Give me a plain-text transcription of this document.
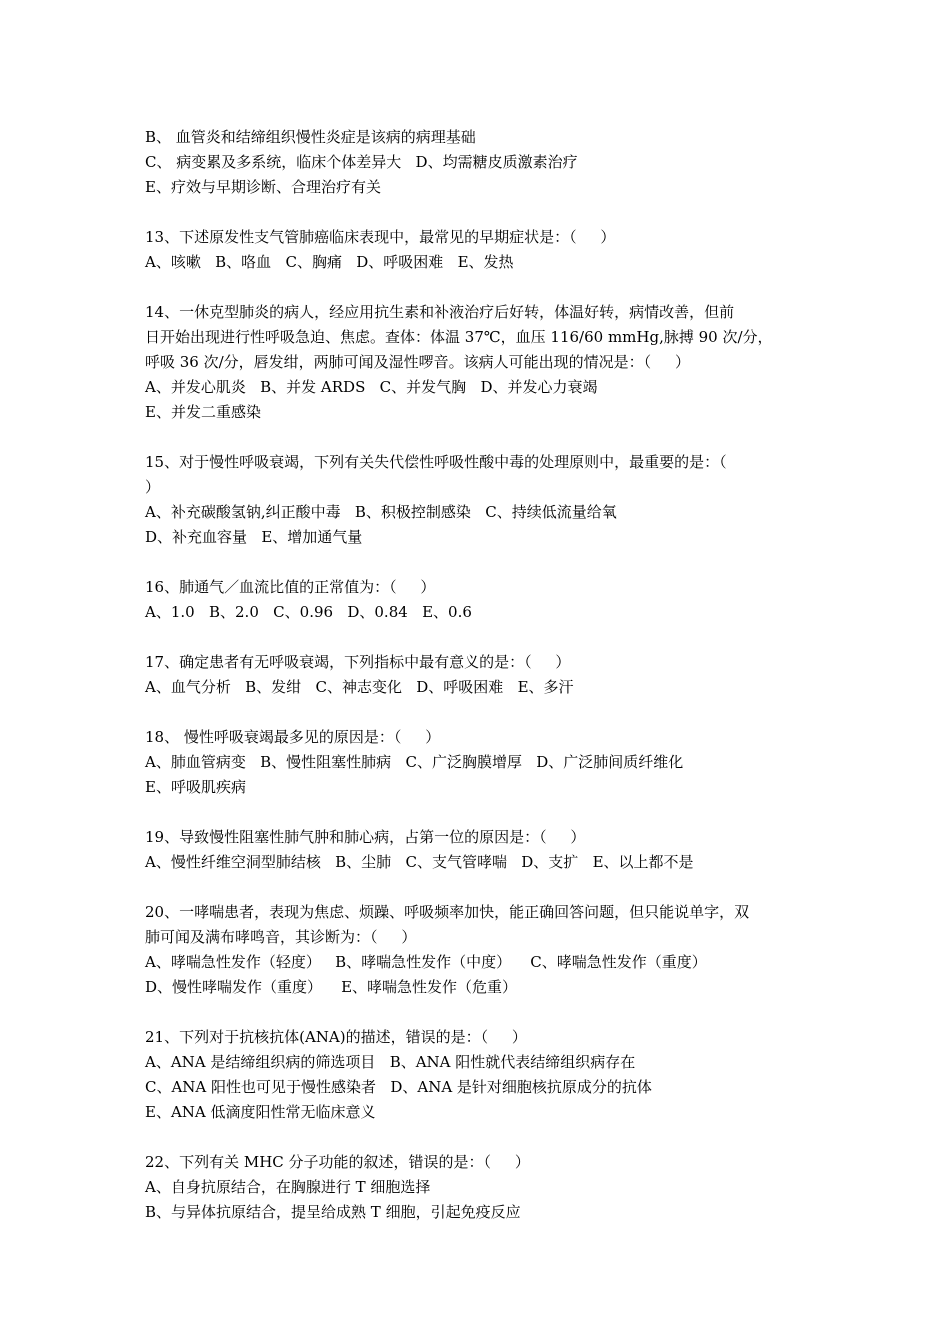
B、 血管炎和结缔组织慢性炎症是该病的病理基础
C、 病变累及多系统，临床个体差异大   D、均需糖皮质激素治疗
E、疗效与早期诊断、合理治疗有关
13、下述原发性支气管肺癌临床表现中，最常见的早期症状是：（     ）
A、咳嗽   B、咯血   C、胸痛   D、呼吸困难   E、发热
14、一休克型肺炎的病人，经应用抗生素和补液治疗后好转，体温好转，病情改善，但前
日开始出现进行性呼吸急迫、焦虑。查体：体温 37℃，血压 116/60 mmHg,脉搏 90 次/分，
呼吸 36 次/分，唇发绀，两肺可闻及湿性啰音。该病人可能出现的情况是：（     ）
A、并发心肌炎   B、并发 ARDS   C、并发气胸   D、并发心力衰竭
E、并发二重感染
15、对于慢性呼吸衰竭，下列有关失代偿性呼吸性酸中毒的处理原则中，最重要的是：（
）
A、补充碳酸氢钠,纠正酸中毒   B、积极控制感染   C、持续低流量给氧
D、补充血容量   E、增加通气量
16、肺通气／血流比值的正常值为：（     ）
A、1.0   B、2.0   C、0.96   D、0.84   E、0.6
17、确定患者有无呼吸衰竭，下列指标中最有意义的是：（     ）
A、血气分析   B、发绀   C、神志变化   D、呼吸困难   E、多汗
18、 慢性呼吸衰竭最多见的原因是：（     ）
A、肺血管病变   B、慢性阻塞性肺病   C、广泛胸膜增厚   D、广泛肺间质纤维化
E、呼吸肌疾病
19、导致慢性阻塞性肺气肿和肺心病，占第一位的原因是：（     ）
A、慢性纤维空洞型肺结核   B、尘肺   C、支气管哮喘   D、支扩   E、以上都不是
20、一哮喘患者，表现为焦虑、烦躁、呼吸频率加快，能正确回答问题，但只能说单字，双
肺可闻及满布哮鸣音，其诊断为：（     ）
A、哮喘急性发作（轻度）   B、哮喘急性发作（中度）    C、哮喘急性发作（重度）
D、慢性哮喘发作（重度）    E、哮喘急性发作（危重）
21、下列对于抗核抗体(ANA)的描述，错误的是：（     ）
A、ANA 是结缔组织病的筛选项目   B、ANA 阳性就代表结缔组织病存在
C、ANA 阳性也可见于慢性感染者   D、ANA 是针对细胞核抗原成分的抗体
E、ANA 低滴度阳性常无临床意义
22、下列有关 MHC 分子功能的叙述，错误的是：（     ）
A、自身抗原结合，在胸腺进行 T 细胞选择
B、与异体抗原结合，提呈给成熟 T 细胞，引起免疫反应
